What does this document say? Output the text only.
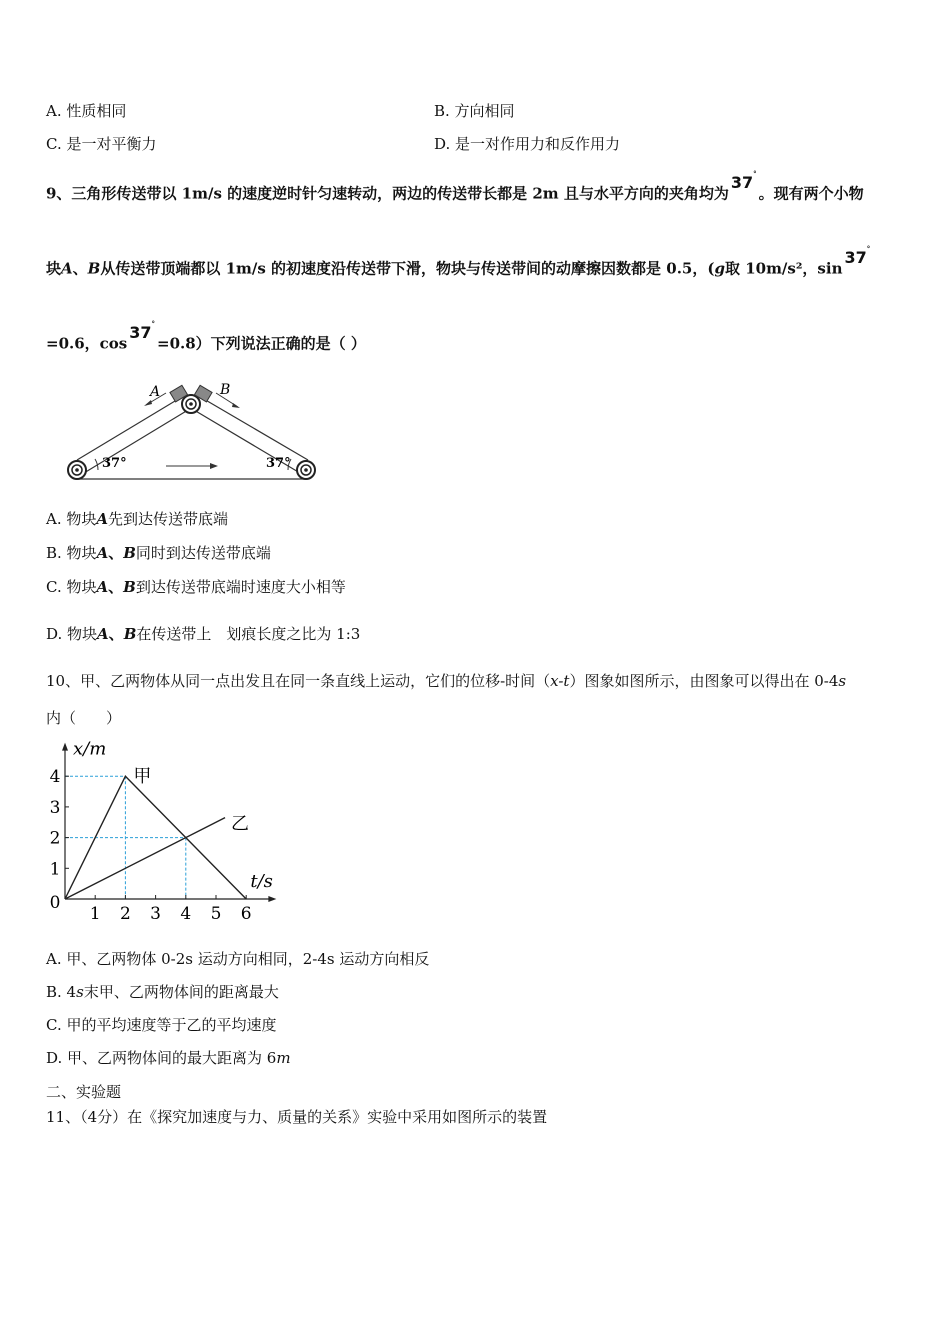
A. 性质相同	B. 方向相同
C. 是一对平衡力	D. 是一对作用力和反作用力
9、三角形传送带以 1m/s 的速度逆时针匀速转动，两边的传送带长都是 2m 且与水平方向的夹角均为37°。现有两个小物
块A、B从传送带顶端都以 1m/s 的初速度沿传送带下滑，物块与传送带间的动摩擦因数都是 0.5，(g取 10m/s²，sin37°
=0.6，cos37°=0.8）下列说法正确的是（ ）
A	B
37°	37°
A. 物块A先到达传送带底端
B. 物块A、B同时到达传送带底端
C. 物块A、B到达传送带底端时速度大小相等
D. 物块A、B在传送带上　划痕长度之比为 1:3
10、甲、乙两物体从同一点出发且在同一条直线上运动，它们的位移-时间（x-t）图象如图所示，由图象可以得出在 0-4s
内（　　）
1 2 3 4 5 6
1
2
3
4
0
x/m
t/s
甲
乙
A. 甲、乙两物体 0-2s 运动方向相同，2-4s 运动方向相反
B. 4s末甲、乙两物体间的距离最大
C. 甲的平均速度等于乙的平均速度
D. 甲、乙两物体间的最大距离为 6m
二、实验题
11、（4分）在《探究加速度与力、质量的关系》实验中采用如图所示的装置
